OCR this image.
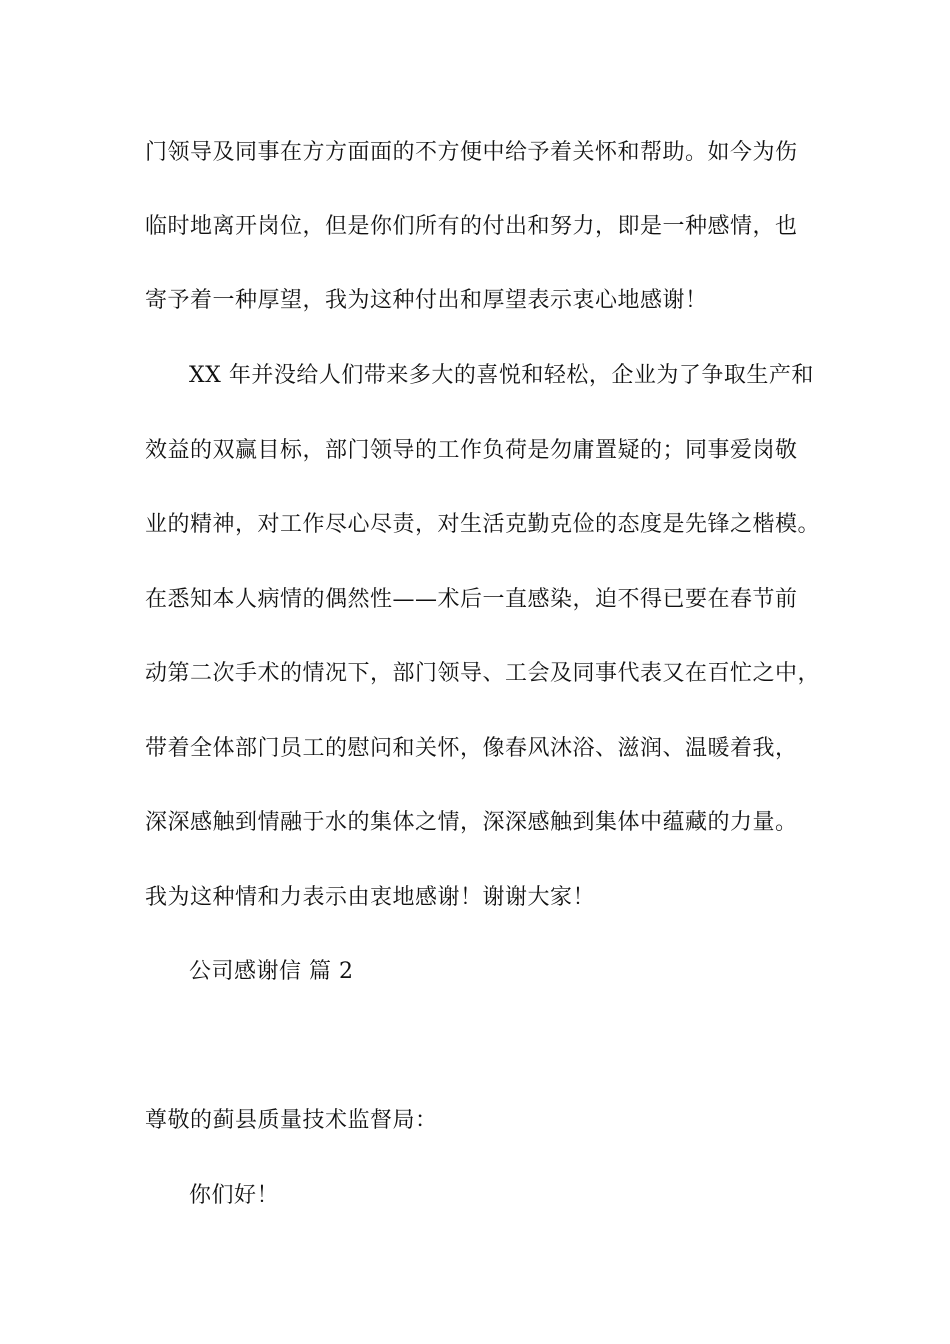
门领导及同事在方方面面的不方便中给予着关怀和帮助。如今为伤
临时地离开岗位，但是你们所有的付出和努力，即是一种感情，也
寄予着一种厚望，我为这种付出和厚望表示衷心地感谢！
XX 年并没给人们带来多大的喜悦和轻松，企业为了争取生产和
效益的双赢目标，部门领导的工作负荷是勿庸置疑的；同事爱岗敬
业的精神，对工作尽心尽责，对生活克勤克俭的态度是先锋之楷模。
在悉知本人病情的偶然性——术后一直感染，迫不得已要在春节前
动第二次手术的情况下，部门领导、工会及同事代表又在百忙之中，
带着全体部门员工的慰问和关怀，像春风沐浴、滋润、温暖着我，
深深感触到情融于水的集体之情，深深感触到集体中蕴藏的力量。
我为这种情和力表示由衷地感谢！谢谢大家！
公司感谢信 篇 2
尊敬的蓟县质量技术监督局：
你们好！
